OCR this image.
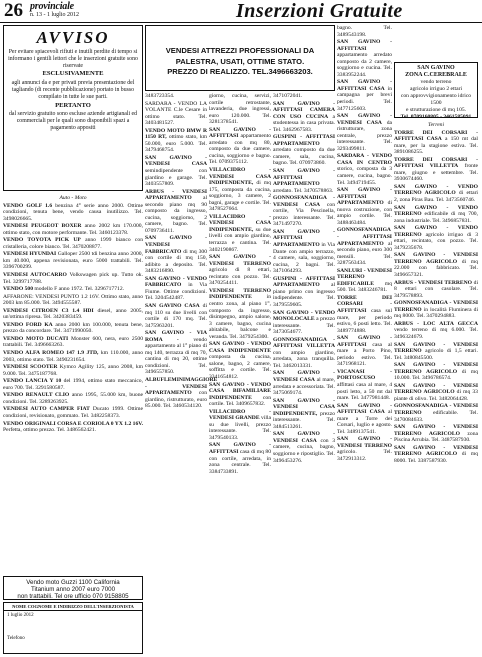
26 provinciale
n. 13 - 1 luglio 2012	Inserzioni Gratuite
AVVISO
Per evitare spiacevoli rifiuti e inutili perdite di tempo si informano i gentili lettori che le inserzioni gratuite sono riservate
ESCLUSIVAMENTE
agli annunci da e per privati previa presentazione del tagliando (di recente pubblicazione) portato in busso compilato in tutte le sue parti.
PERTANTO
dal servizio gratuito sono escluse aziende artigianali ed commerciali per le quali sono disponibili spazi a pagamento appositi
Auto - Moto

VENDO GOLF 1.6 benzina 4° serie anno 2000. Ottime condizioni, tenuta bene, vendo causa inutilizzo. Tel. 3498026665.

VENDESI PEUGEOT BOXER anno 2002 km 170.000, ottimo stato, con motore performante. Tel. 3460123378.

VENDO TOYOTA PICK UP anno 1999 bianco con cristalleria, colore bianco. Tel. 3470208877.

VENDESI HYUNDAI Galloper 2500 tdi benzina anno 2000, km 40.000, appena revisionata, euro 5000 trattabili. Tel. 3396700299.

VENDESI AUTOCARRO Volkswagen pick up. Tutto ok. Tel. 3299717788.

VENDO 500 modello F anno 1972. Tel. 3296717712.

AFFARONE: VENDESI PUNTO 1.2 16V. Ottimo stato, anno 2003 km 85.000. Tel. 3494555587.

VENDESI CITROEN C3 1.4 HDI diesel, anno 2005, un'ottima ripresa. Tel. 3420383459.

VENDO FORD KA anno 2000 km 100.000, tenuta bene, prezzo da concordare. Tel. 3471990050.

VENDO MOTO DUCATI Monster 600, nera, euro 2500 trattabili. Tel. 3496663263.

VENDO ALFA ROMEO 147 1.9 JTD, km 110.000, anno 2003, ottimo stato. Tel. 3490231654.

VENDESI SCOOTER Kymco Agility 125, anno 2008, km 9.000. Tel. 3475187768.

VENDO LANCIA Y 10 del 1994, ottimo stato meccanico, euro 700. Tel. 3291580587.

VENDO RENAULT CLIO anno 1995, 55.000 km, buone condizioni. Tel. 3289263925.

VENDESI AUTO CAMPER FIAT Ducato 1999. Ottime condizioni, revisionato, gommato. Tel. 3482258373.

VENDO ORIGINALI CORSA E CORIOLA 0 YX 1.2 16V. Perfetta, ottimo prezzo. Tel. 3486562421.

Vendo moto Guzzi 1100 California
Titanium anno 2007 euro 7000
non trattabili. Tel ore ufficio 070 9158805
NOME COGNOME E INDIRIZZO DELL'INSERZIONISTA
1 luglio 2012
Telefono
VENDESI ATTREZZI PROFESSIONALI DA
PALESTRA, USATI, OTTIME STATO.
PREZZO DI REALIZZO. TEL.3496663203.

3483723354.

SARDARA - VENDO LA VOLANTE C.le Cesare in ottimo stato. Tel. 3403481527.

VENDO MOTO BMW R 1150 RT, ottimo stato, km 50.000, euro 5.000. Tel. 3479468754.

SAN GAVINO - VENDESI CASA semindipendente con giardino e garage. Tel. 3403557809.

ARBUS - VENDESI APPARTAMENTO al secondo piano mq 90 composto da ingresso, cucina, soggiorno, 2 camere, bagno. Tel. 0709736411.

SAN GAVINO - VENDESI FABBRICATO di mq 300 con cortile di mq 150, adibito a deposito. Tel. 3483216890.

SAN GAVINO - VENDO FABBRICATO in Via Fiume. Ottime condizioni. Tel. 3204542487.

SAN GAVINO CASA di mq 110 su due livelli con cortile di 170 mq. Tel. 3475963201.

SAN GAVINO - VIA ROMA - vendo appartamento al 1° piano di mq 140, terrazza di mq 70, cantina di mq 20, ottime condizioni. Tel. 3496557850.

ALBUFLEMINIMAGGIORE - VENDESI APPARTAMENTO con giardino, ristrutturato, euro 85.000. Tel. 3460534120.

giorno, cucina, servizi, cortile retrostante, lavanderia, due ingressi, euro 120.000. Tel. 3281378541.

SAN GAVINO - AFFITTASI appartamento arredato con mq 80, composto da due camere, cucina, soggiorno e bagno. Tel. 0709375112.

VILLACIDRO - VENDESI CASA INDIPENDENTE, di mq 175, composta da cucina, soggiorno, 3 camere, 2 bagni, garage e cortile. Tel. 3478527664.

VILLACIDRO - VENDESI CASA INDIPENDENTE, su due livelli con ampio giardino, terrazza e cantina. Tel. 3402190867.

SAN GAVINO - VENDESI TERRENO agricolo di 8 ettari, recintato con pozzo. Tel. 3470254411.

VENDESI TERRENO INDIPENDENTE in centro zona, al piano 1°, composto da ingresso, disimpegno, ampio salone, 3 camere, bagno, cucina abitabile, balcone e veranda. Tel. 3479254300.

SAN GAVINO - VENDO CASA INDIPENDENTE composta da cucina, salone, bagno, 2 camere, soffitta e cortile. Tel. 3341654812.

SAN GAVINO - VENDO CASA BIFAMILIARE INDIPENDENTE con cortile. Tel. 3409657832.

VILLACIDRO - VENDESI GRANDE villa su due livelli, prezzo interessante. Tel. 3479540133.

SAN GAVINO - AFFITTASI casa di mq 80 con cortile, arredata, in zona centrale. Tel. 3384733891.

3471072041.

SAN GAVINO - AFFITTASI CAMERA CON USO CUCINA a studentessa in casa privata. Tel. 3462967583.

GUSPINI - AFFITTASI APPARTAMENTO arredato composto da due camere, sala, cucina, bagno. Tel. 070973860.

SAN GAVINO - AFFITTASI APPARTAMENTO arredato. Tel. 3470578863.

GONNOSFANADIGA - VENDESI CASA con cortile, Via Pescinella, prezzo interessante. Tel. 3471497270.

SAN GAVINO - AFFITTASI APPARTAMENTO in Via Dante con ampio terrazzo, 4 camere, sala, soggiorno, cucina, 2 bagni. Tel. 3471064293.

GUSPINI - AFFITTASI APPARTAMENTO al piano primo con ingresso indipendente. Tel. 3479559605.

SAN GAVINO - VENDO MONOLOCALE a prezzo interessante. Tel. 3473054677.

GONNOSFANADIGA - AFFITTASI VILLETTA con ampio giardino, arredata, zona tranquilla. Tel. 3462013331.

SAN GAVINO - VENDESI CASA al mare, arredata e accessoriata. Tel. 3475069174.

SAN GAVINO - VENDESI CASA INDIPENDENTE, prezzo interessante. Tel. 3484513261.

SAN GAVINO - VENDESI CASA con 3 camere, cucina, bagno, soggiorno e ripostiglio. Tel. 3496453276.

bagno. Tel. 3489543198.

SAN GAVINO - AFFITTASI appartamento arredato composto da 2 camere, soggiorno e cucina. Tel. 3383952244.

SAN GAVINO - AFFITTASI CASA in campagna per brevi periodi. Tel. 3477125603.

SAN GAVINO - VENDESI CASA da ristrutturare, zona centrale, prezzo interessante. Tel. 3293499811.

SARDARA - VENDO CASA IN CENTRO storico, composta da 3 camere, cucina, bagno. Tel. 3494719455.

SAN GAVINO - AFFITTASI APPARTAMENTO di nuova costruzione, con ampio cortile. Tel. 3488463484.

GONNOSFANADIGA - AFFITTASI APPARTAMENTO al secondo piano, euro 300 mensili. Tel. 3287563434.

SANLURI - VENDESI TERRENO EDIFICABILE mq 500. Tel. 3483246781.

TORRE DEI CORSARI - AFFITTASI casa sul mare, per periodo estivo, 6 posti letto. Tel. 3489774888.

SAN GAVINO - AFFITTASI casa al mare a Porto Pino, periodo estivo. Tel. 3471968121.

VICANASI - PORTOSCUSO affittasi casa al mare, 4 posti letto, a 50 mt dal mare. Tel. 3477981448.

SAN GAVINO - AFFITTASI CASA al mare a Torre dei Corsari, luglio e agosto. Tel. 3489137541.

SAN GAVINO - VENDESI TERRENO agricolo. Tel. 3472913312.

SAN GAVINO
ZONA C.CEREBRALE
vendo terreno
agricolo irriguo 2 ettari
con approvvigionamento idrico 1500
e strutturazione di mq 105.
Tel. 0709160805 - 3461585091
Terreni

TORRE DEI CORSARI - AFFITTASI CASA a 150 mt dal mare, per la stagione estiva. Tel. 3891086255.

TORRE DEI CORSARI - AFFITTASI VILLETTA fronte mare, giugno e settembre. Tel. 3930674460.

SAN GAVINO - VENDO TERRENO AGRICOLO di ettari 2, zona Piras Bau. Tel. 3473560746.

SAN GAVINO - VENDO TERRENO edificabile di mq 700, zona industriale. Tel. 3496857831.

SAN GAVINO - VENDO TERRENO agricolo irriguo di 3 ettari, recintato, con pozzo. Tel. 3479235678.

SAN GAVINO - VENDESI TERRENO AGRICOLO di mq 22.000 con fabbricato. Tel. 3496657321.

ARBUS - VENDESI TERRENO di 8 ettari con casolare. Tel. 3479578893.

GONNOSFANADIGA - VENDESI TERRENO in località Fluminera di mq 8000. Tel. 3470294883.

ARBUS - LOC ALTA GECCA vendo terreno di mq 6.000. Tel. 3496324679.

SAN GAVINO - VENDESI TERRENO agricolo di 1,5 ettari. Tel. 3480845500.

SAN GAVINO - VENDESI TERRENO AGRICOLO di mq 10.000. Tel. 3496786574.

SAN GAVINO - VENDESI TERRENO AGRICOLO di mq 33 piante di olivo. Tel. 3482064428.

GONNOSFANADIGA - VENDESI TERRENO edificabile. Tel. 3470084633.

SAN GAVINO - VENDESI TERRENO AGRICOLO zona Piscina Arrubia. Tel. 3487587930.

SAN GAVINO - VENDESI TERRENO AGRICOLO di mq 8000. Tel. 3387587930.
